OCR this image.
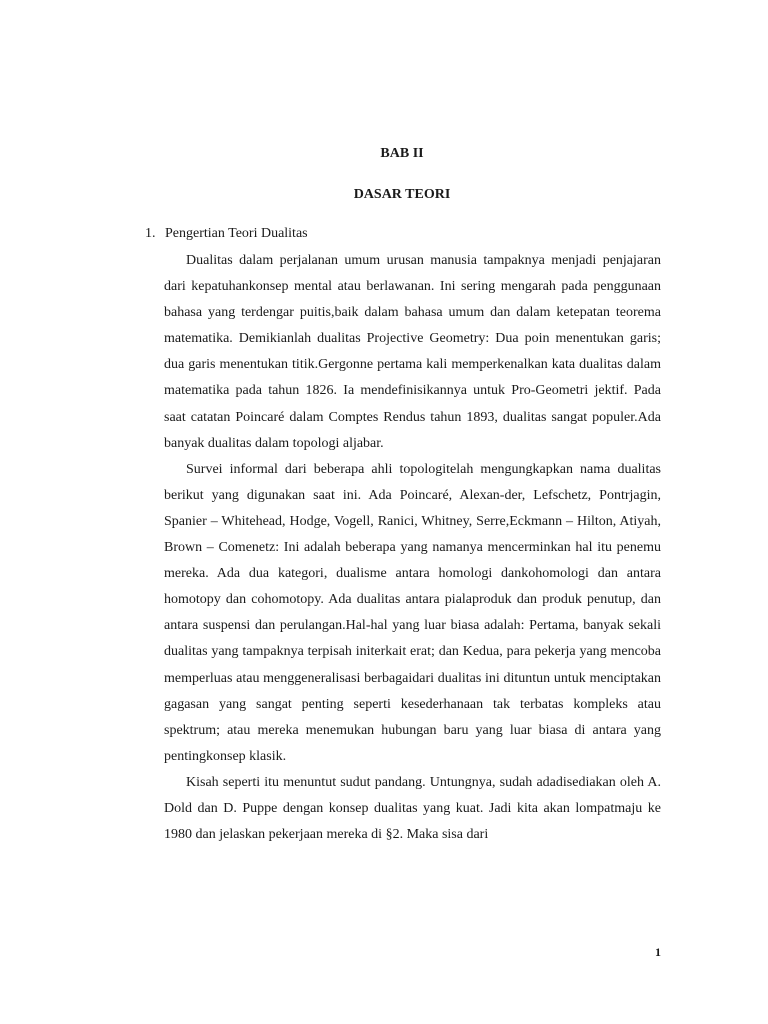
BAB II
DASAR TEORI
1. Pengertian Teori Dualitas

Dualitas dalam perjalanan umum urusan manusia tampaknya menjadi penjajaran dari kepatuhankonsep mental atau berlawanan. Ini sering mengarah pada penggunaan bahasa yang terdengar puitis,baik dalam bahasa umum dan dalam ketepatan teorema matematika. Demikianlah dualitas Projective Geometry: Dua poin menentukan garis; dua garis menentukan titik.Gergonne pertama kali memperkenalkan kata dualitas dalam matematika pada tahun 1826. Ia mendefinisikannya untuk Pro-Geometri jektif. Pada saat catatan Poincaré dalam Comptes Rendus tahun 1893, dualitas sangat populer.Ada banyak dualitas dalam topologi aljabar.

Survei informal dari beberapa ahli topologitelah mengungkapkan nama dualitas berikut yang digunakan saat ini. Ada Poincaré, Alexan-der, Lefschetz, Pontrjagin, Spanier – Whitehead, Hodge, Vogell, Ranici, Whitney, Serre,Eckmann – Hilton, Atiyah, Brown – Comenetz: Ini adalah beberapa yang namanya mencerminkan hal itu penemu mereka. Ada dua kategori, dualisme antara homologi dankohomologi dan antara homotopy dan cohomotopy. Ada dualitas antara pialaproduk dan produk penutup, dan antara suspensi dan perulangan.Hal-hal yang luar biasa adalah: Pertama, banyak sekali dualitas yang tampaknya terpisah initerkait erat; dan Kedua, para pekerja yang mencoba memperluas atau menggeneralisasi berbagaidari dualitas ini dituntun untuk menciptakan gagasan yang sangat penting seperti kesederhanaan tak terbatas kompleks atau spektrum; atau mereka menemukan hubungan baru yang luar biasa di antara yang pentingkonsep klasik.

Kisah seperti itu menuntut sudut pandang. Untungnya, sudah adadisediakan oleh A. Dold dan D. Puppe dengan konsep dualitas yang kuat. Jadi kita akan lompatmaju ke 1980 dan jelaskan pekerjaan mereka di §2. Maka sisa dari

1
